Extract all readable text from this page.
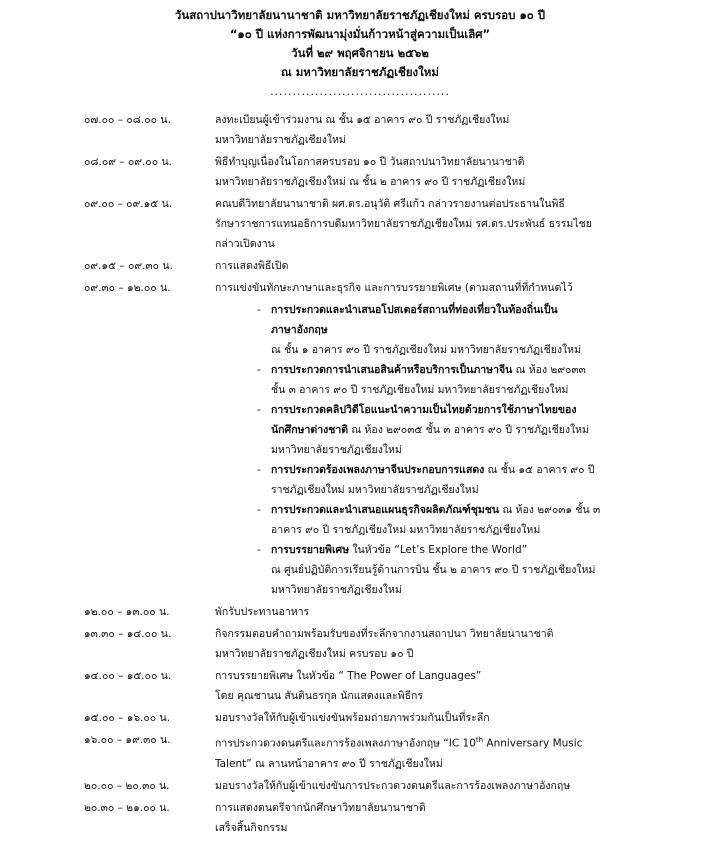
วันสถาปนาวิทยาลัยนานาชาติ มหาวิทยาลัยราชภัฏเชียงใหม่ ครบรอบ ๑๐ ปี
“๑๐ ปี แห่งการพัฒนามุ่งมั่นก้าวหน้าสู่ความเป็นเลิศ”
วันที่ ๒๙ พฤศจิกายน ๒๕๖๒
ณ มหาวิทยาลัยราชภัฏเชียงใหม่
........................................
๐๗.๐๐ – ๐๘.๐๐ น.	ลงทะเบียนผู้เข้าร่วมงาน ณ ชั้น ๑๕ อาคาร ๙๐ ปี ราชภัฏเชียงใหม่
มหาวิทยาลัยราชภัฏเชียงใหม่
๐๘.๐๙ – ๐๙.๐๐ น.	พิธีทำบุญเนื่องในโอกาสครบรอบ ๑๐ ปี วันสถาปนาวิทยาลัยนานาชาติ
มหาวิทยาลัยราชภัฏเชียงใหม่ ณ ชั้น ๒ อาคาร ๙๐ ปี ราชภัฏเชียงใหม่
๐๙.๐๐ – ๐๙.๑๕ น.	คณบดีวิทยาลัยนานาชาติ ผศ.ดร.อนุวัติ ศรีแก้ว กล่าวรายงานต่อประธานในพิธี
รักษาราชการแทนอธิการบดีมหาวิทยาลัยราชภัฏเชียงใหม่ รศ.ดร.ประพันธ์ ธรรมไชย
กล่าวเปิดงาน
๐๙.๑๕ – ๐๙.๓๐ น.	การแสดงพิธีเปิด
๐๙.๓๐ – ๑๒.๐๐ น.	การแข่งขันทักษะภาษาและธุรกิจ และการบรรยายพิเศษ (ตามสถานที่ที่กำหนดไว้
- การประกวดและนำเสนอโปสเตอร์สถานที่ท่องเที่ยวในท้องถิ่นเป็น
ภาษาอังกฤษ
ณ ชั้น ๑ อาคาร ๙๐ ปี ราชภัฏเชียงใหม่ มหาวิทยาลัยราชภัฏเชียงใหม่
- การประกวดการนำเสนอสินค้าหรือบริการเป็นภาษาจีน ณ ห้อง ๒๙๐๓๓
ชั้น ๓ อาคาร ๙๐ ปี ราชภัฏเชียงใหม่ มหาวิทยาลัยราชภัฏเชียงใหม่
- การประกวดคลิปวิดีโอแนะนำความเป็นไทยด้วยการใช้ภาษาไทยของ
นักศึกษาต่างชาติ ณ ห้อง ๒๙๐๓๕ ชั้น ๓ อาคาร ๙๐ ปี ราชภัฏเชียงใหม่
มหาวิทยาลัยราชภัฏเชียงใหม่
- การประกวดร้องเพลงภาษาจีนประกอบการแสดง ณ ชั้น ๑๕ อาคาร ๙๐ ปี
ราชภัฏเชียงใหม่ มหาวิทยาลัยราชภัฏเชียงใหม่
- การประกวดและนำเสนอแผนธุรกิจผลิตภัณฑ์ชุมชน ณ ห้อง ๒๙๐๓๑ ชั้น ๓
อาคาร ๙๐ ปี ราชภัฏเชียงใหม่ มหาวิทยาลัยราชภัฏเชียงใหม่
- การบรรยายพิเศษ ในหัวข้อ “Let’s Explore the World”
ณ ศูนย์ปฏิบัติการเรียนรู้ด้านการบิน ชั้น ๒ อาคาร ๙๐ ปี ราชภัฏเชียงใหม่
มหาวิทยาลัยราชภัฏเชียงใหม่
๑๒.๐๐ – ๑๓.๐๐ น.	พักรับประทานอาหาร
๑๓.๓๐ – ๑๔.๐๐ น.	กิจกรรมตอบคำถามพร้อมรับของที่ระลึกจากงานสถาปนา วิทยาลัยนานาชาติ
มหาวิทยาลัยราชภัฏเชียงใหม่ ครบรอบ ๑๐ ปี
๑๔.๐๐ – ๑๕.๐๐ น.	การบรรยายพิเศษ ในหัวข้อ “ The Power of Languages”
โดย คุณชานน สันตินธรกุล นักแสดงและพิธีกร
๑๕.๐๐ – ๑๖.๐๐ น.	มอบรางวัลให้กับผู้เข้าแข่งขันพร้อมถ่ายภาพร่วมกันเป็นที่ระลึก
๑๖.๐๐ – ๑๙.๓๐ น.	การประกวดวงดนตรีและการร้องเพลงภาษาอังกฤษ “IC 10th Anniversary Music
Talent” ณ ลานหน้าอาคาร ๙๐ ปี ราชภัฏเชียงใหม่
๒๐.๐๐ – ๒๐.๓๐ น.	มอบรางวัลให้กับผู้เข้าแข่งขันการประกวดวงดนตรีและการร้องเพลงภาษาอังกฤษ
๒๐.๓๐ – ๒๑.๐๐ น.	การแสดงดนตรีจากนักศึกษาวิทยาลัยนานาชาติ
เสร็จสิ้นกิจกรรม
